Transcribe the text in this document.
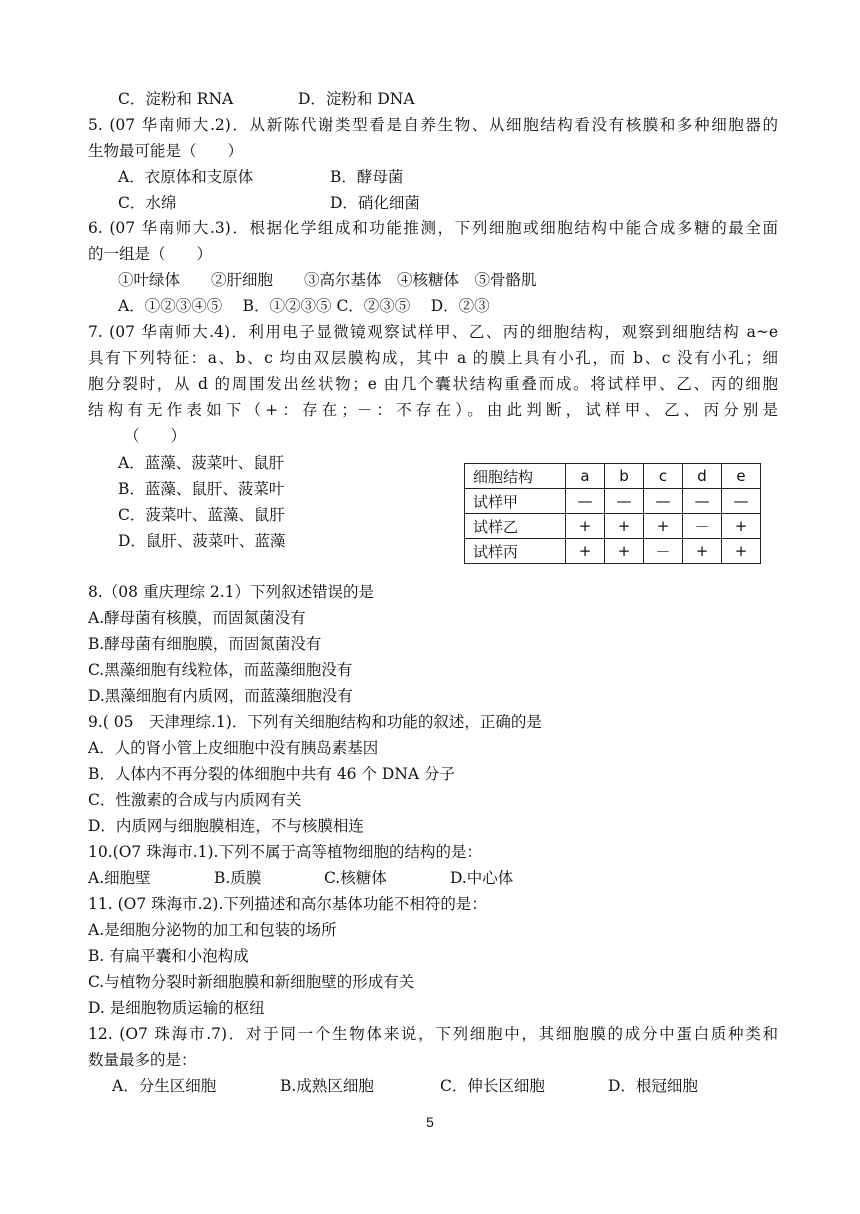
C．淀粉和 RNA	D．淀粉和 DNA
5. (07 华南师大.2)．从新陈代谢类型看是自养生物、从细胞结构看没有核膜和多种细胞器的
生物最可能是（　　）
A．衣原体和支原体	B．酵母菌
C．水绵	D．硝化细菌
6. (07 华南师大.3)．根据化学组成和功能推测，下列细胞或细胞结构中能合成多糖的最全面
的一组是（　　）
①叶绿体　　②肝细胞　　③高尔基体　④核糖体　⑤骨骼肌
A．①②③④⑤　 B．①②③⑤ C．②③⑤　 D．②③
7. (07 华南师大.4)．利用电子显微镜观察试样甲、乙、丙的细胞结构，观察到细胞结构 a~e
具有下列特征：a、b、c 均由双层膜构成，其中 a 的膜上具有小孔，而 b、c 没有小孔；细
胞分裂时，从 d 的周围发出丝状物；e 由几个囊状结构重叠而成。将试样甲、乙、丙的细胞
结构有无作表如下（+：存在；－：不存在）。由此判断，试样甲、乙、丙分别是
（　　）
A．蓝藻、菠菜叶、鼠肝
B．蓝藻、鼠肝、菠菜叶
C．菠菜叶、蓝藻、鼠肝
D．鼠肝、菠菜叶、蓝藻
细胞结构	a	b	c	d	e
试样甲	—	—	—	—	—
试样乙	+	+	+	－	+
试样丙	+	+	－	+	+
8.（08 重庆理综 2.1）下列叙述错误的是
A.酵母菌有核膜，而固氮菌没有
B.酵母菌有细胞膜，而固氮菌没有
C.黑藻细胞有线粒体，而蓝藻细胞没有
D.黑藻细胞有内质网，而蓝藻细胞没有
9.( 05　天津理综.1)．下列有关细胞结构和功能的叙述，正确的是
A．人的肾小管上皮细胞中没有胰岛素基因
B．人体内不再分裂的体细胞中共有 46 个 DNA 分子
C．性激素的合成与内质网有关
D．内质网与细胞膜相连，不与核膜相连
10.(O7 珠海市.1).下列不属于高等植物细胞的结构的是：
A.细胞壁	B.质膜	C.核糖体	D.中心体
11. (O7 珠海市.2).下列描述和高尔基体功能不相符的是：
A.是细胞分泌物的加工和包装的场所
B. 有扁平囊和小泡构成
C.与植物分裂时新细胞膜和新细胞壁的形成有关
D. 是细胞物质运输的枢纽
12. (O7 珠海市.7)．对于同一个生物体来说，下列细胞中，其细胞膜的成分中蛋白质种类和
数量最多的是：
A．分生区细胞	B.成熟区细胞	C．伸长区细胞	D．根冠细胞
5
